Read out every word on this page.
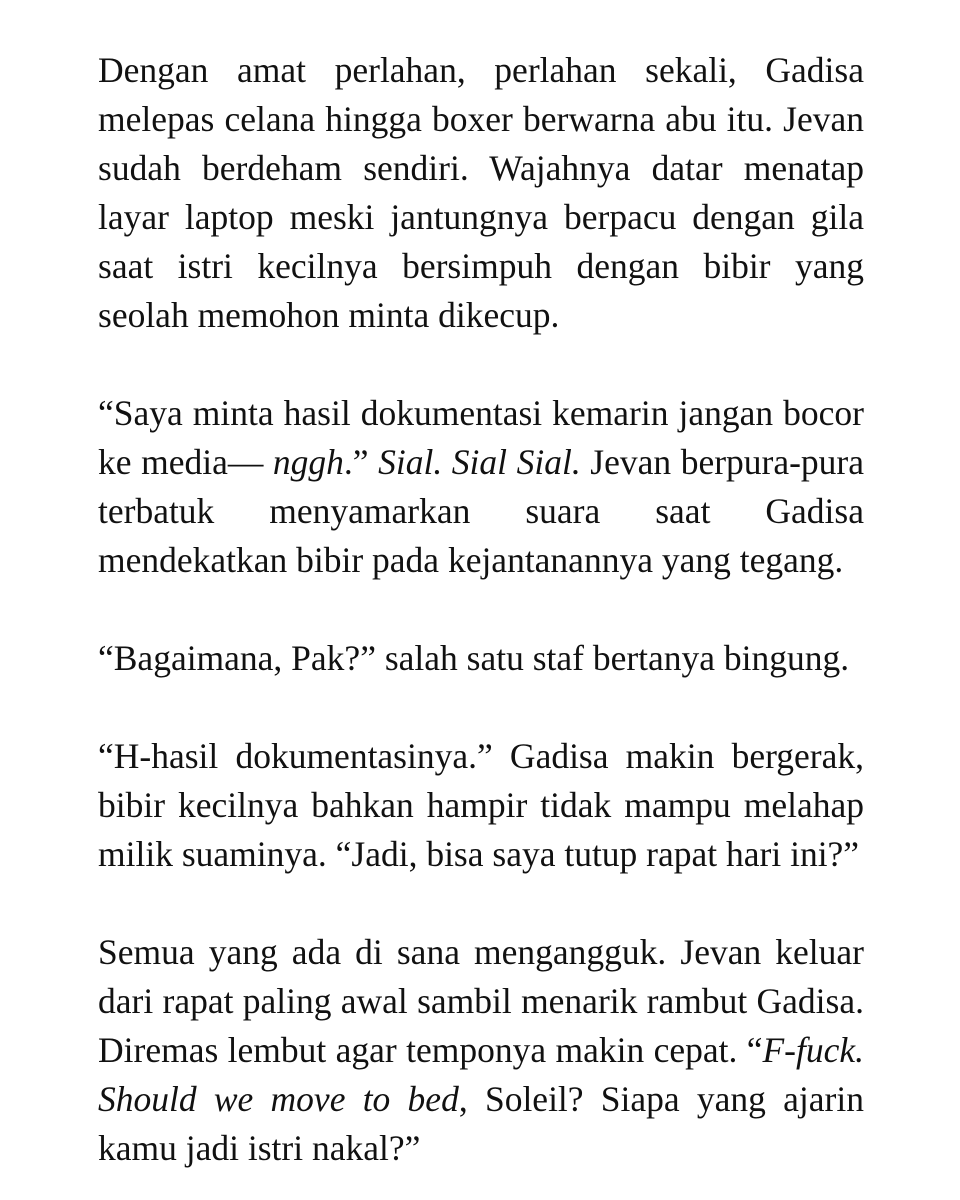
Dengan amat perlahan, perlahan sekali, Gadisa
melepas celana hingga boxer berwarna abu itu. Jevan
sudah berdeham sendiri. Wajahnya datar menatap
layar laptop meski jantungnya berpacu dengan gila
saat istri kecilnya bersimpuh dengan bibir yang
seolah memohon minta dikecup.

“Saya minta hasil dokumentasi kemarin jangan bocor
ke media— nggh.” Sial. Sial Sial. Jevan berpura-pura
terbatuk menyamarkan suara saat Gadisa
mendekatkan bibir pada kejantanannya yang tegang.

“Bagaimana, Pak?” salah satu staf bertanya bingung.

“H-hasil dokumentasinya.” Gadisa makin bergerak,
bibir kecilnya bahkan hampir tidak mampu melahap
milik suaminya. “Jadi, bisa saya tutup rapat hari ini?”

Semua yang ada di sana mengangguk. Jevan keluar
dari rapat paling awal sambil menarik rambut Gadisa.
Diremas lembut agar temponya makin cepat. “F-fuck.
Should we move to bed, Soleil? Siapa yang ajarin
kamu jadi istri nakal?”
